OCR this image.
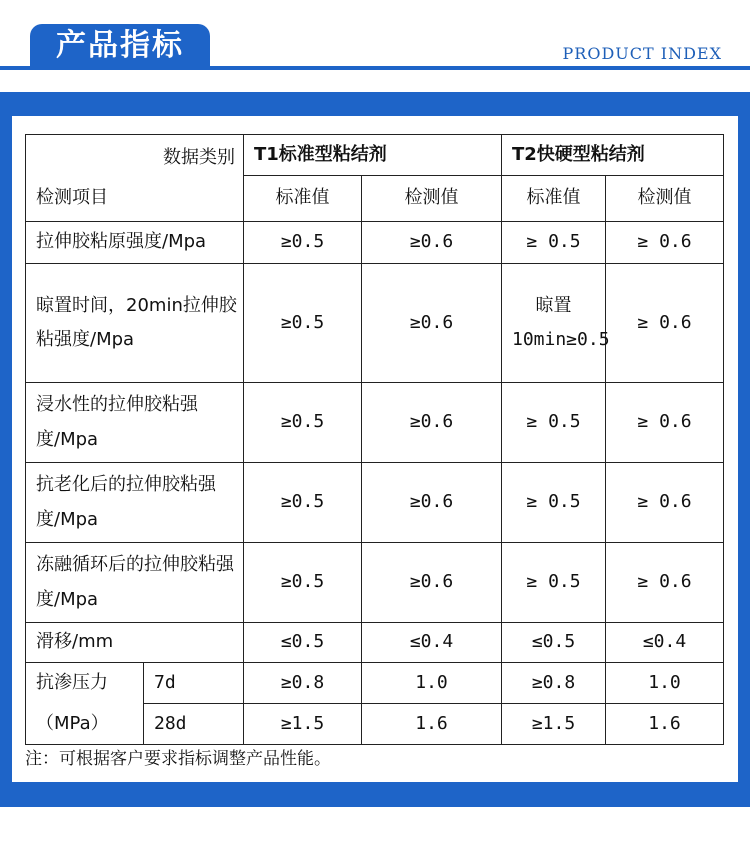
产品指标	PRODUCT INDEX
数据类别
检测项目		T1标准型粘结剂		T2快硬型粘结剂	
		标准值	检测值	标准值	检测值
拉伸胶粘原强度/Mpa		≥0.5	≥0.6	≥ 0.5	≥ 0.6
晾置时间，20min拉伸胶粘强度/Mpa		≥0.5	≥0.6	晾置10min≥0.5	≥ 0.6
浸水性的拉伸胶粘强度/Mpa		≥0.5	≥0.6	≥ 0.5	≥ 0.6
抗老化后的拉伸胶粘强度/Mpa		≥0.5	≥0.6	≥ 0.5	≥ 0.6
冻融循环后的拉伸胶粘强度/Mpa		≥0.5	≥0.6	≥ 0.5	≥ 0.6
滑移/mm		≤0.5	≤0.4	≤0.5	≤0.4
抗渗压力	7d	≥0.8	1.0	≥0.8	1.0
（MPa）	28d	≥1.5	1.6	≥1.5	1.6
注：可根据客户要求指标调整产品性能。
